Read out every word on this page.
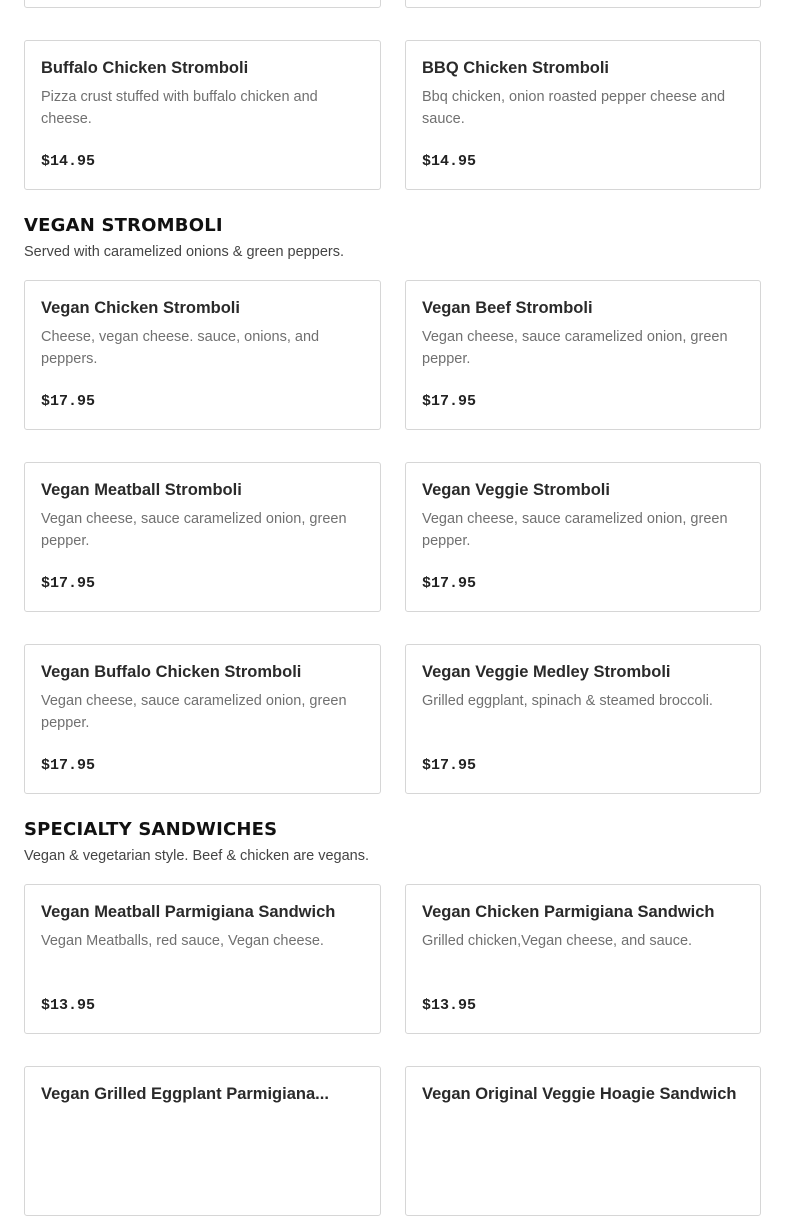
Buffalo Chicken Stromboli
Pizza crust stuffed with buffalo chicken and cheese.
$14.95
BBQ Chicken Stromboli
Bbq chicken, onion roasted pepper cheese and sauce.
$14.95
VEGAN STROMBOLI
Served with caramelized onions & green peppers.
Vegan Chicken Stromboli
Cheese, vegan cheese. sauce, onions, and peppers.
$17.95
Vegan Beef Stromboli
Vegan cheese, sauce caramelized onion, green pepper.
$17.95
Vegan Meatball Stromboli
Vegan cheese, sauce caramelized onion, green pepper.
$17.95
Vegan Veggie Stromboli
Vegan cheese, sauce caramelized onion, green pepper.
$17.95
Vegan Buffalo Chicken Stromboli
Vegan cheese, sauce caramelized onion, green pepper.
$17.95
Vegan Veggie Medley Stromboli
Grilled eggplant, spinach & steamed broccoli.
$17.95
SPECIALTY SANDWICHES
Vegan & vegetarian style. Beef & chicken are vegans.
Vegan Meatball Parmigiana Sandwich
Vegan Meatballs, red sauce, Vegan cheese.
$13.95
Vegan Chicken Parmigiana Sandwich
Grilled chicken,Vegan cheese, and sauce.
$13.95
Vegan Grilled Eggplant Parmigiana...	Vegan Original Veggie Hoagie Sandwich
